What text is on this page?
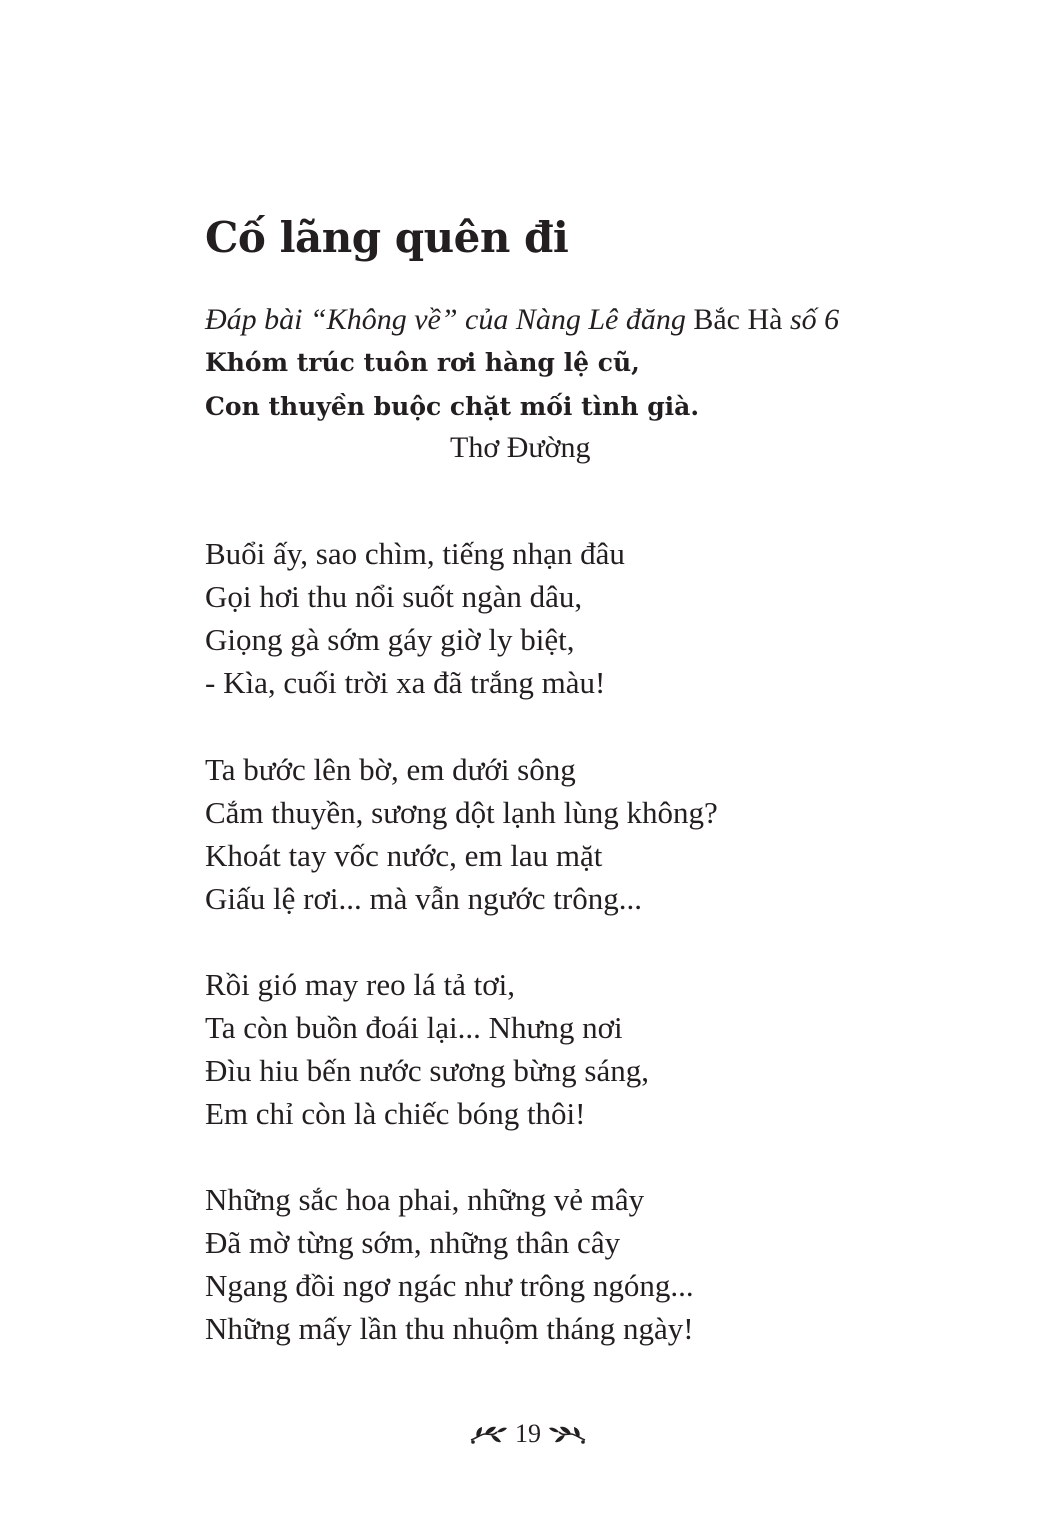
Cố lãng quên đi
Đáp bài “Không về” của Nàng Lê đăng Bắc Hà số 6
Khóm trúc tuôn rơi hàng lệ cũ,
Con thuyền buộc chặt mối tình già.
Thơ Đường
Buổi ấy, sao chìm, tiếng nhạn đâu
Gọi hơi thu nổi suốt ngàn dâu,
Giọng gà sớm gáy giờ ly biệt,
- Kìa, cuối trời xa đã trắng màu!
Ta bước lên bờ, em dưới sông
Cắm thuyền, sương dột lạnh lùng không?
Khoát tay vốc nước, em lau mặt
Giấu lệ rơi... mà vẫn ngước trông...
Rồi gió may reo lá tả tơi,
Ta còn buồn đoái lại... Nhưng nơi
Đìu hiu bến nước sương bừng sáng,
Em chỉ còn là chiếc bóng thôi!
Những sắc hoa phai, những vẻ mây
Đã mờ từng sớm, những thân cây
Ngang đồi ngơ ngác như trông ngóng...
Những mấy lần thu nhuộm tháng ngày!
19
